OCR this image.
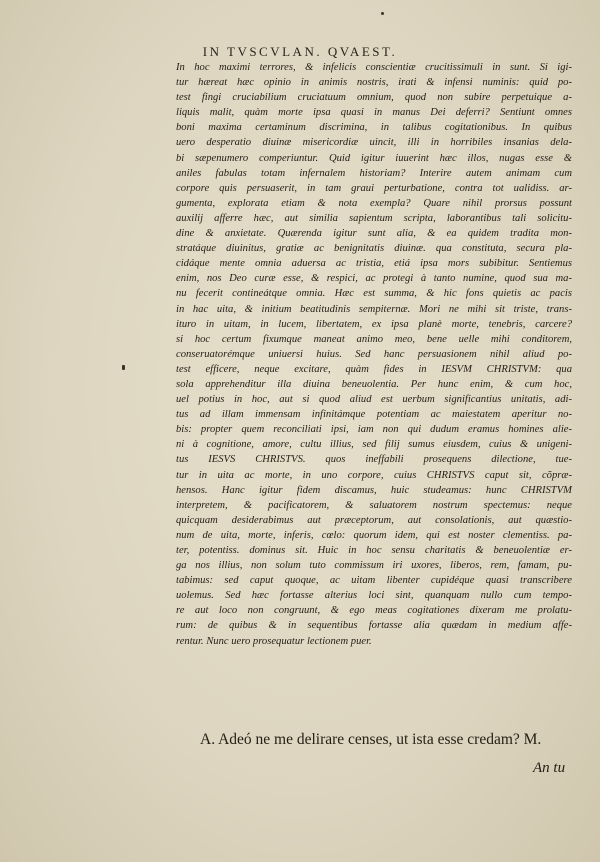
IN TVSCVLAN. QVAEST.

In hoc maximi terrores, & infelicis conscientiæ crucitissimuli in sunt. Si igi-

tur hæreat hæc opinio in animis nostris, irati & infensi numinis: quid po-

test fingi cruciabilium cruciatuum omnium, quod non subire perpetuique a-

liquis malit, quàm morte ipsa quasi in manus Dei deferri? Sentiunt omnes

boni maxima certaminum discrimina, in talibus cogitationibus. In quibus

uero desperatio diuinæ misericordiæ uincit, illi in horribiles insanias dela-

bi sæpenumero comperiuntur. Quid igitur iuuerint hæc illos, nugas esse &

aniles fabulas totam infernalem historiam? Interire autem animam cum

corpore quis persuaserit, in tam graui perturbatione, contra tot ualidiss. ar-

gumenta, explorata etiam & nota exempla? Quare nihil prorsus possunt

auxilij afferre hæc, aut similia sapientum scripta, laborantibus tali solicitu-

dine & anxietate. Quærenda igitur sunt alia, & ea quidem tradita mon-

stratáque diuinitus, gratiæ ac benignitatis diuinæ. qua constituta, secura pla-

cidáque mente omnia aduersa ac tristia, etiá ipsa mors subibitur. Sentiemus

enim, nos Deo curæ esse, & respici, ac protegi à tanto numine, quod sua ma-

nu fecerit contineátque omnia. Hæc est summa, & hic fons quietis ac pacis

in hac uita, & initium beatitudinis sempiternæ. Mori ne mihi sit triste, trans-

ituro in uitam, in lucem, libertatem, ex ipsa planè morte, tenebris, carcere?

si hoc certum fixumque maneat animo meo, bene uelle mihi conditorem,

conseruatorémque uniuersi huius. Sed hanc persuasionem nihil aliud po-

test efficere, neque excitare, quàm fides in IESVM CHRISTVM: qua

sola apprehenditur illa diuina beneuolentia. Per hunc enim, & cum hoc,

uel potius in hoc, aut si quod aliud est uerbum significantius unitatis, adi-

tus ad illam immensam infinitámque potentiam ac maiestatem aperitur no-

bis: propter quem reconciliati ipsi, iam non qui dudum eramus homines alie-

ni à cognitione, amore, cultu illius, sed filij sumus eiusdem, cuius & unigeni-

tus IESVS CHRISTVS. quos ineffabili prosequens dilectione, tue-

tur in uita ac morte, in uno corpore, cuius CHRISTVS caput sit, cõpræ-

hensos. Hanc igitur fidem discamus, huic studeamus: hunc CHRISTVM

interpretem, & pacificatorem, & saluatorem nostrum spectemus: neque

quicquam desiderabimus aut præceptorum, aut consolationis, aut quæstio-

num de uita, morte, inferis, cœlo: quorum idem, qui est noster clementiss. pa-

ter, potentiss. dominus sit. Huic in hoc sensu charitatis & beneuolentiæ er-

ga nos illius, non solum tuto commissum iri uxores, liberos, rem, famam, pu-

tabimus: sed caput quoque, ac uitam libenter cupidéque quasi transcribere

uolemus. Sed hæc fortasse alterius loci sint, quanquam nullo cum tempo-

re aut loco non congruunt, & ego meas cogitationes dixeram me prolatu-

rum: de quibus & in sequentibus fortasse alia quædam in medium affe-

rentur. Nunc uero prosequatur lectionem puer.

A. Adeó ne me delirare censes, ut ista esse credam? M.
An tu
